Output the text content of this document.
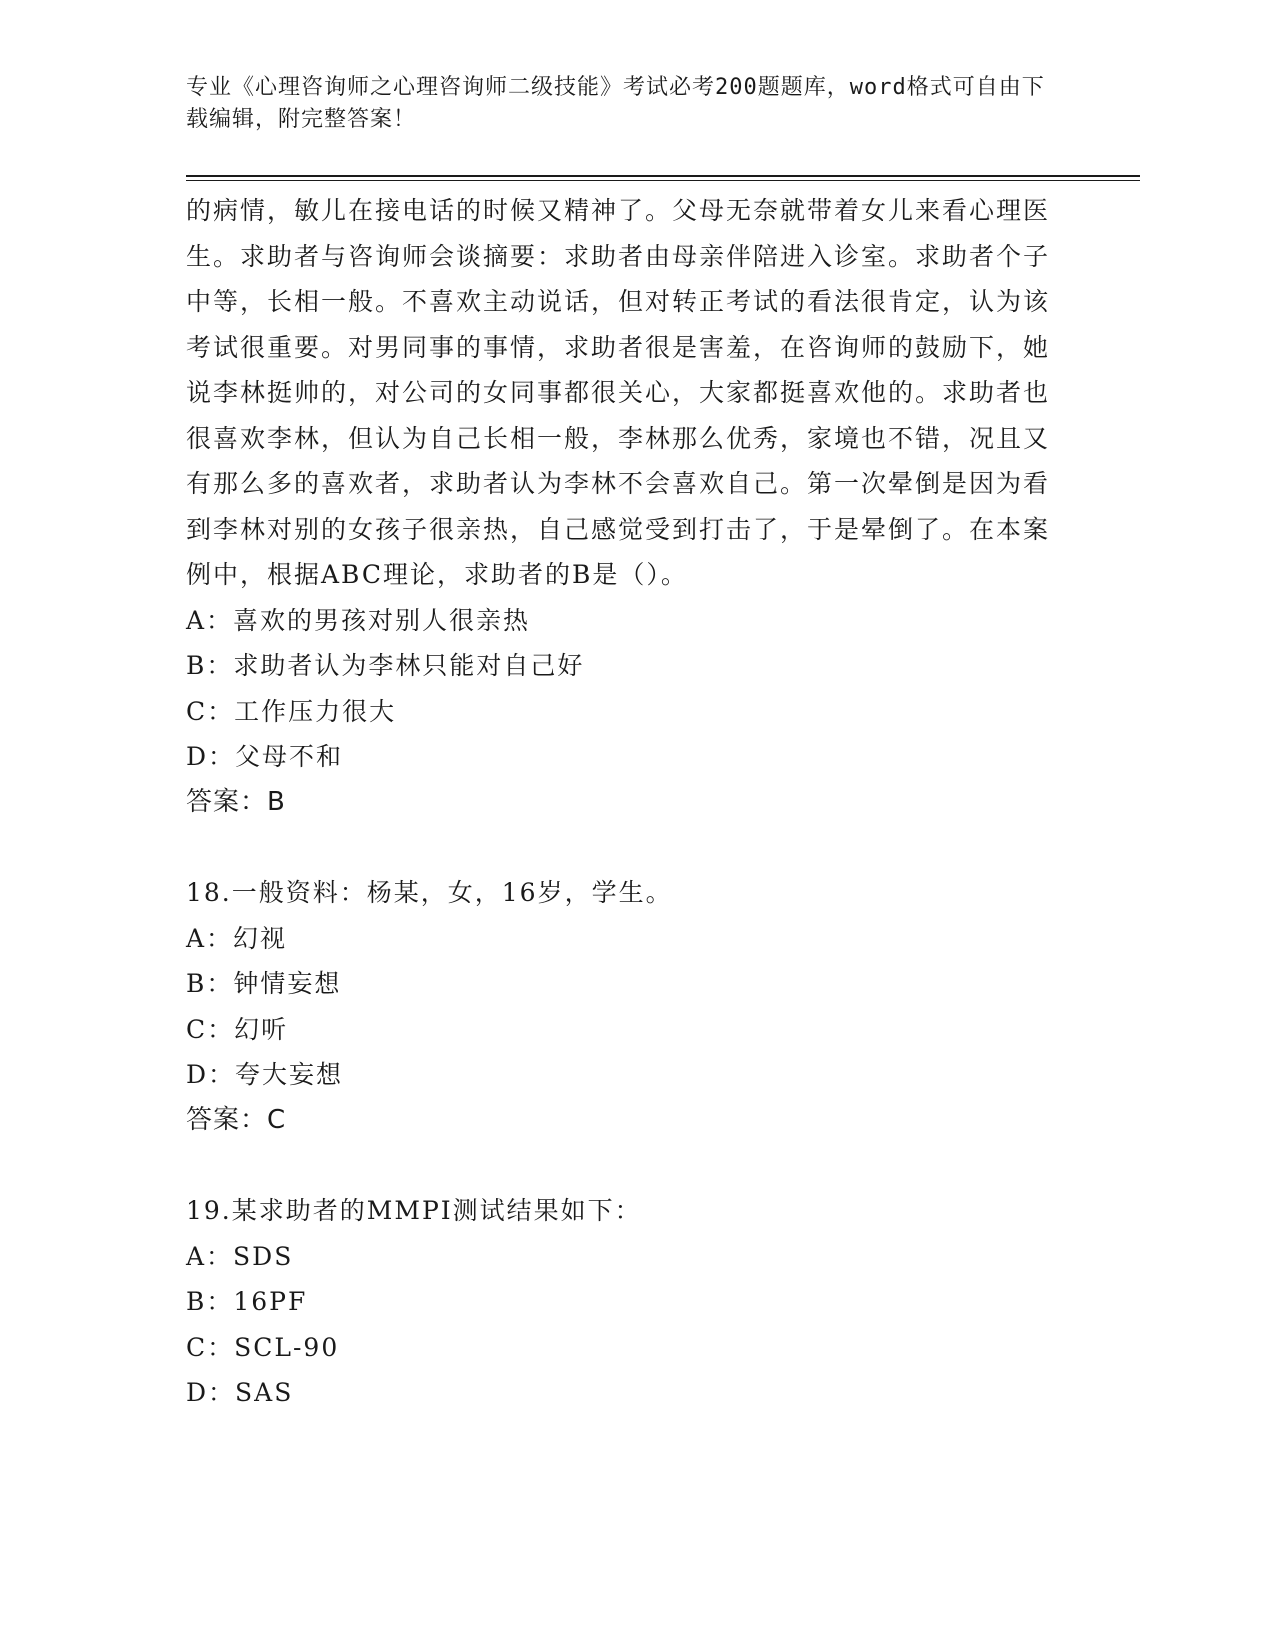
专业《心理咨询师之心理咨询师二级技能》考试必考200题题库，word格式可自由下载编辑，附完整答案！

的病情，敏儿在接电话的时候又精神了。父母无奈就带着女儿来看心理医生。求助者与咨询师会谈摘要：求助者由母亲伴陪进入诊室。求助者个子中等，长相一般。不喜欢主动说话，但对转正考试的看法很肯定，认为该考试很重要。对男同事的事情，求助者很是害羞，在咨询师的鼓励下，她说李林挺帅的，对公司的女同事都很关心，大家都挺喜欢他的。求助者也很喜欢李林，但认为自己长相一般，李林那么优秀，家境也不错，况且又有那么多的喜欢者，求助者认为李林不会喜欢自己。第一次晕倒是因为看到李林对别的女孩子很亲热，自己感觉受到打击了，于是晕倒了。在本案例中，根据ABC理论，求助者的B是（）。

A：喜欢的男孩对别人很亲热

B：求助者认为李林只能对自己好

C：工作压力很大

D：父母不和

答案：B

18.一般资料：杨某，女，16岁，学生。

A：幻视

B：钟情妄想

C：幻听

D：夸大妄想

答案：C

19.某求助者的MMPI测试结果如下：

A：SDS

B：16PF

C：SCL-90

D：SAS
